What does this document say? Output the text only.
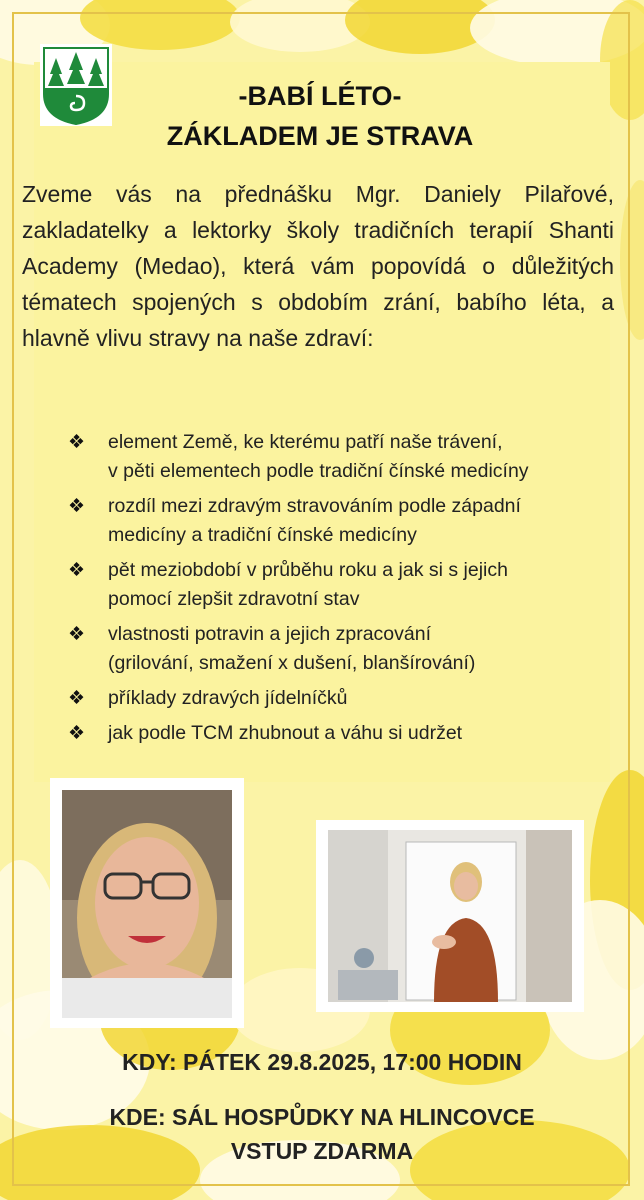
-BABÍ LÉTO-
ZÁKLADEM JE STRAVA

Zveme vás na přednášku Mgr. Daniely Pilařové, zakladatelky a lektorky školy tradičních terapií Shanti Academy (Medao), která vám popovídá o důležitých tématech spojených s obdobím zrání, babího léta, a hlavně vlivu stravy na naše zdraví:

❖ element Země, ke kterému patří naše trávení,
v pěti elementech podle tradiční čínské medicíny
❖ rozdíl mezi zdravým stravováním podle západní
medicíny a tradiční čínské medicíny
❖ pět meziobdobí v průběhu roku a jak si s jejich
pomocí zlepšit zdravotní stav
❖ vlastnosti potravin a jejich zpracování
(grilování, smažení x dušení, blanšírování)
❖ příklady zdravých jídelníčků
❖ jak podle TCM zhubnout a váhu si udržet

KDY: PÁTEK 29.8.2025, 17:00 HODIN

KDE: SÁL HOSPŮDKY NA HLINCOVCE

VSTUP ZDARMA
